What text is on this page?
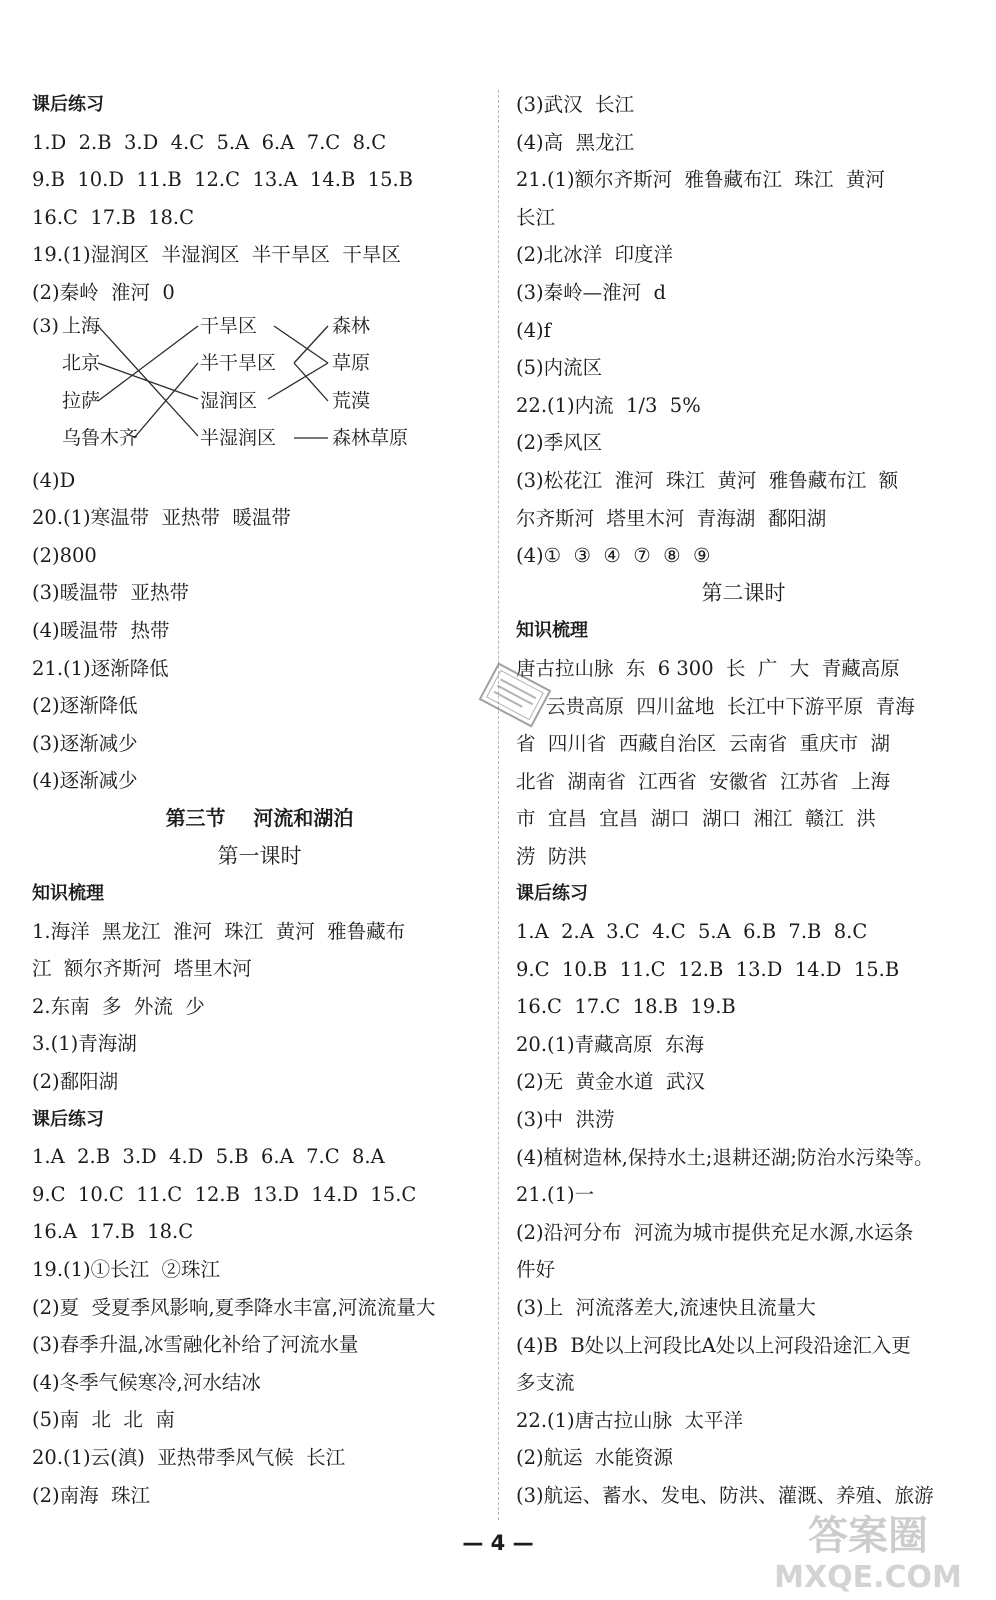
课后练习
1.D  2.B  3.D  4.C  5.A  6.A  7.C  8.C
9.B  10.D  11.B  12.C  13.A  14.B  15.B
16.C  17.B  18.C
19.(1)湿润区  半湿润区  半干旱区  干旱区
(2)秦岭  淮河  0
(3) 上海
北京
拉萨
乌鲁木齐
干旱区
半干旱区
湿润区
半湿润区
森林
草原
荒漠
森林草原
(4)D
20.(1)寒温带  亚热带  暖温带
(2)800
(3)暖温带  亚热带
(4)暖温带  热带
21.(1)逐渐降低
(2)逐渐降低
(3)逐渐减少
(4)逐渐减少
第三节    河流和湖泊
第一课时
知识梳理
1.海洋  黑龙江  淮河  珠江  黄河  雅鲁藏布
江  额尔齐斯河  塔里木河
2.东南  多  外流  少
3.(1)青海湖
(2)鄱阳湖
课后练习
1.A  2.B  3.D  4.D  5.B  6.A  7.C  8.A
9.C  10.C  11.C  12.B  13.D  14.D  15.C
16.A  17.B  18.C
19.(1)①长江  ②珠江
(2)夏  受夏季风影响,夏季降水丰富,河流流量大
(3)春季升温,冰雪融化补给了河流水量
(4)冬季气候寒冷,河水结冰
(5)南  北  北  南
20.(1)云(滇)  亚热带季风气候  长江
(2)南海  珠江
(3)武汉  长江
(4)高  黑龙江
21.(1)额尔齐斯河  雅鲁藏布江  珠江  黄河
长江
(2)北冰洋  印度洋
(3)秦岭—淮河  d
(4)f
(5)内流区
22.(1)内流  1/3  5%
(2)季风区
(3)松花江  淮河  珠江  黄河  雅鲁藏布江  额
尔齐斯河  塔里木河  青海湖  鄱阳湖
(4)①  ③  ④  ⑦  ⑧  ⑨
第二课时
知识梳理
唐古拉山脉  东  6 300  长  广  大  青藏高原
云贵高原  四川盆地  长江中下游平原  青海
省  四川省  西藏自治区  云南省  重庆市  湖
北省  湖南省  江西省  安徽省  江苏省  上海
市  宜昌  宜昌  湖口  湖口  湘江  赣江  洪
涝  防洪
课后练习
1.A  2.A  3.C  4.C  5.A  6.B  7.B  8.C
9.C  10.B  11.C  12.B  13.D  14.D  15.B
16.C  17.C  18.B  19.B
20.(1)青藏高原  东海
(2)无  黄金水道  武汉
(3)中  洪涝
(4)植树造林,保持水土;退耕还湖;防治水污染等。
21.(1)一
(2)沿河分布  河流为城市提供充足水源,水运条
件好
(3)上  河流落差大,流速快且流量大
(4)B  B处以上河段比A处以上河段沿途汇入更
多支流
22.(1)唐古拉山脉  太平洋
(2)航运  水能资源
(3)航运、蓄水、发电、防洪、灌溉、养殖、旅游
— 4 —	答案圈
MXQE.COM
